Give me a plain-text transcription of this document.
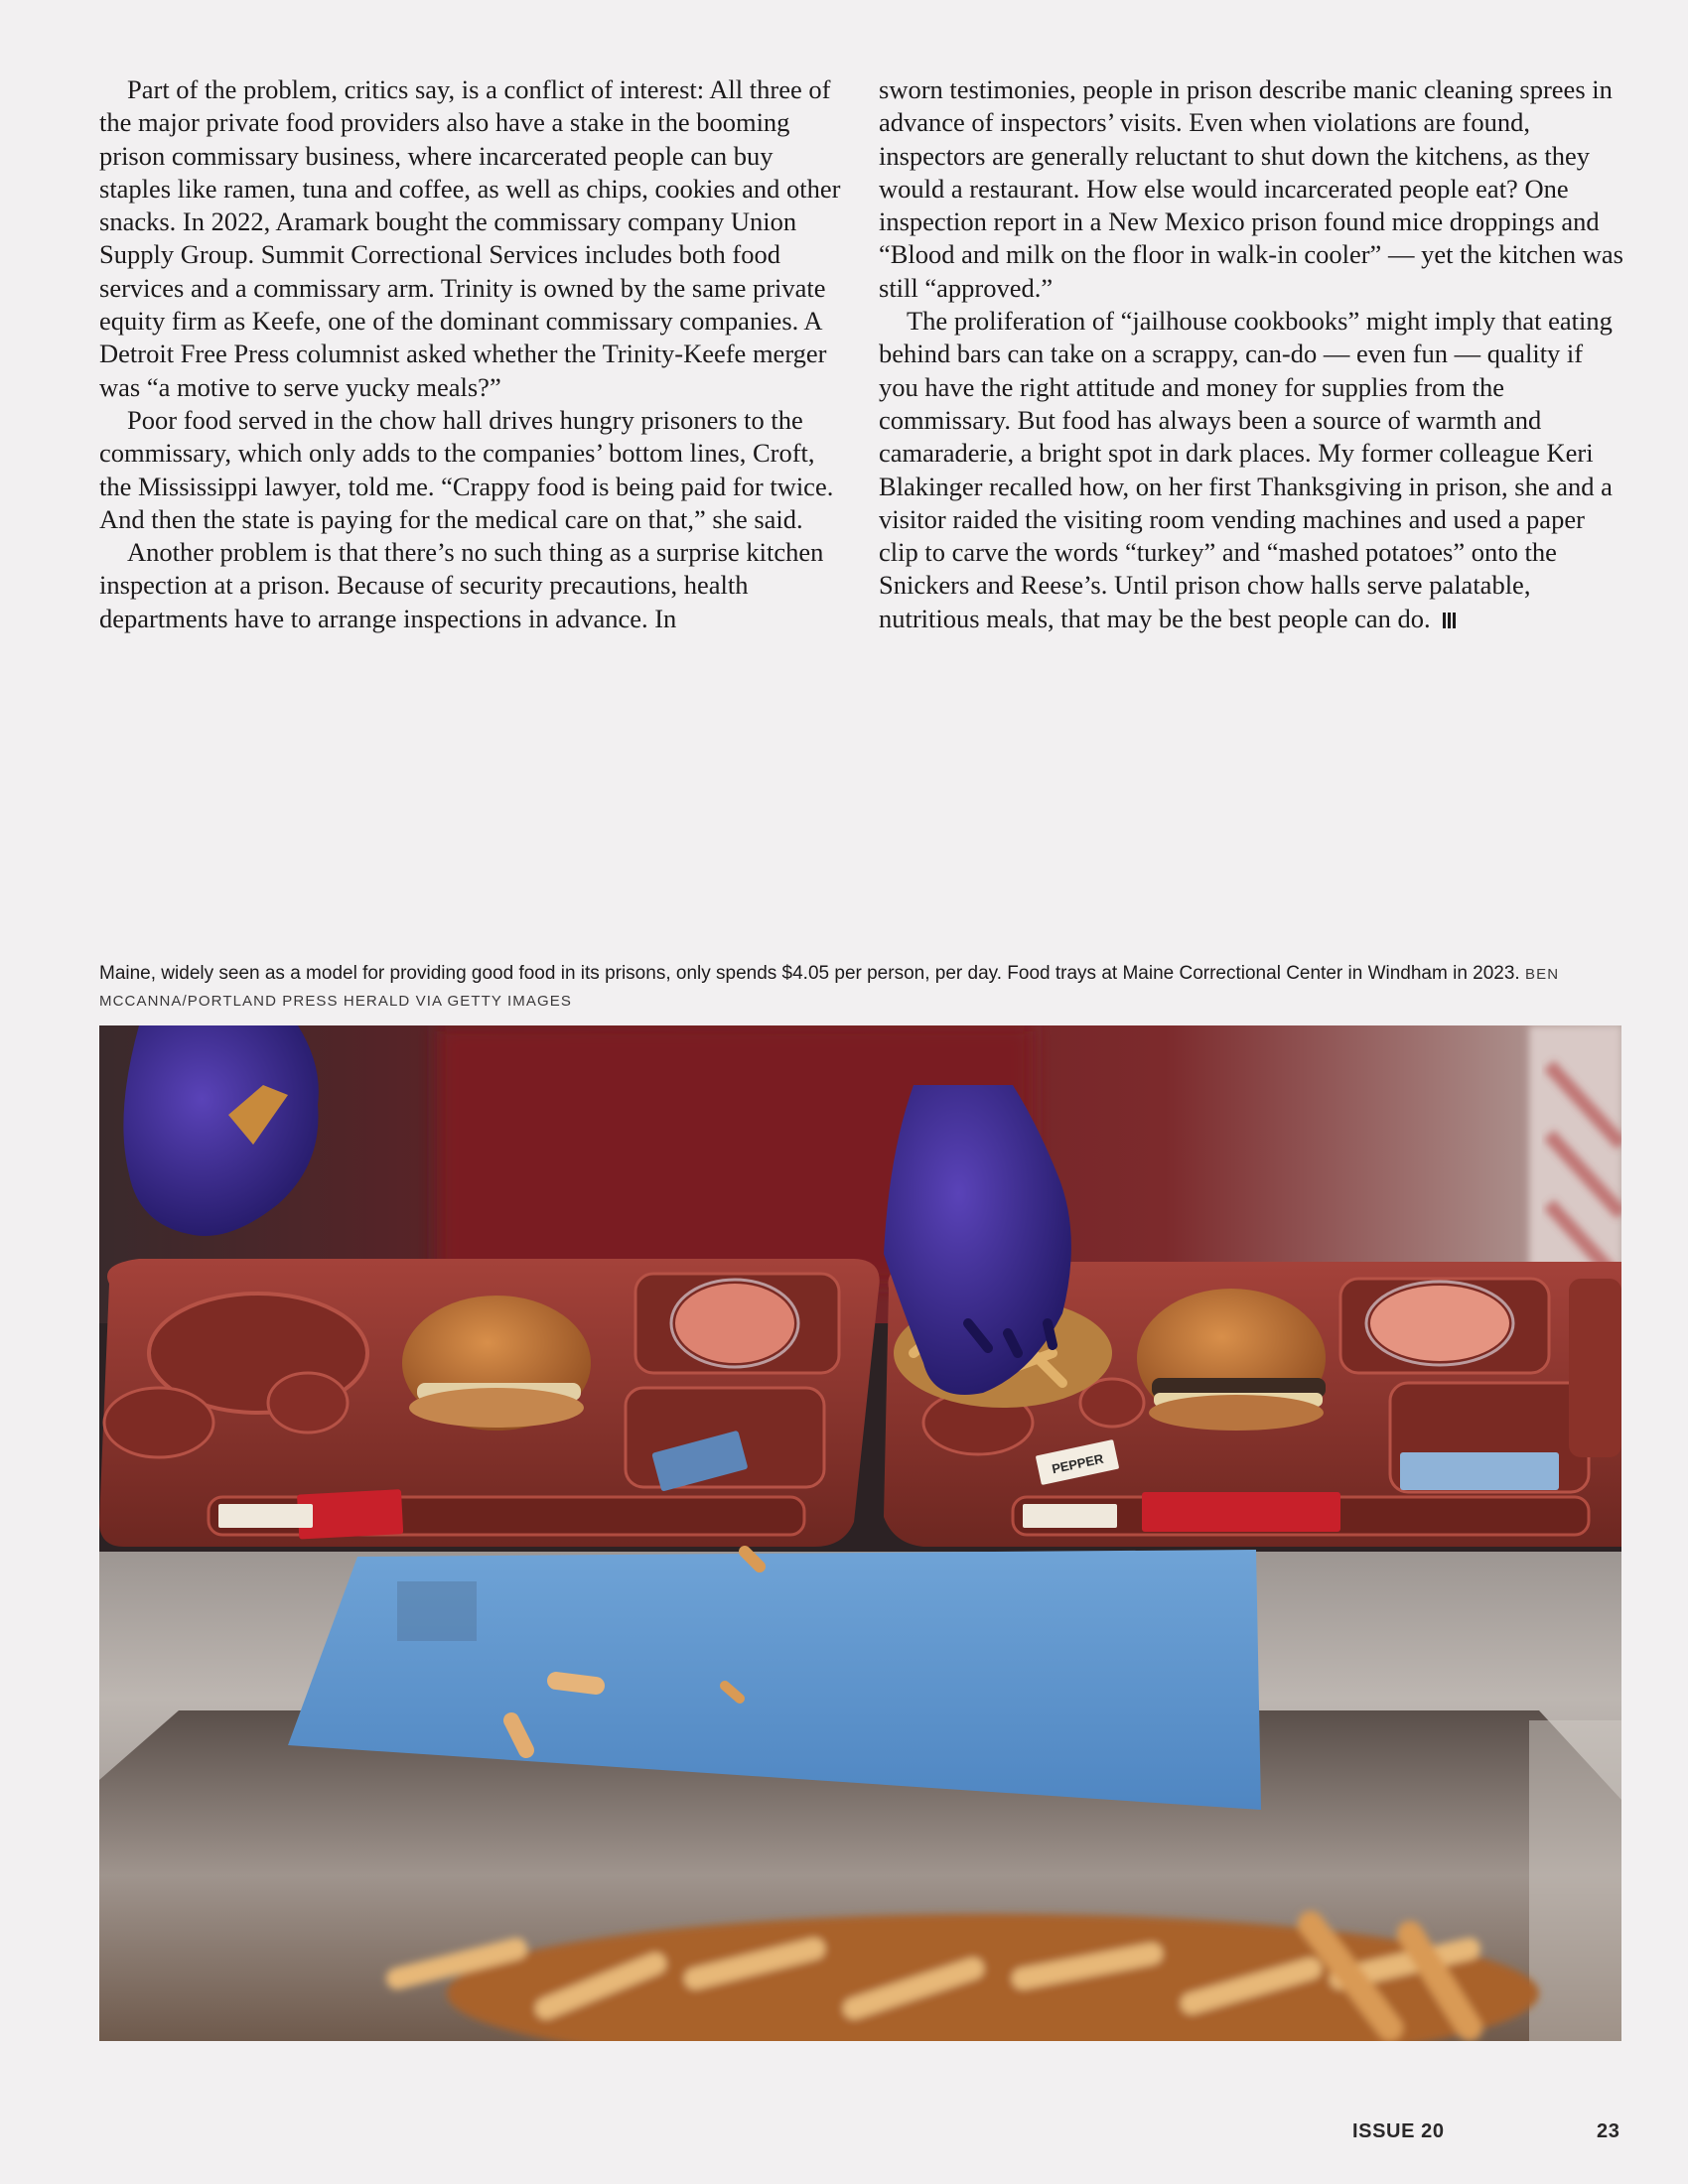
Part of the problem, critics say, is a conflict of interest: All three of the major private food providers also have a stake in the booming prison commissary business, where incarcerated people can buy staples like ramen, tuna and coffee, as well as chips, cookies and other snacks. In 2022, Aramark bought the commissary company Union Supply Group. Summit Correctional Services includes both food services and a commissary arm. Trinity is owned by the same private equity firm as Keefe, one of the dominant commissary companies. A Detroit Free Press columnist asked whether the Trinity-Keefe merger was “a motive to serve yucky meals?”

Poor food served in the chow hall drives hungry prisoners to the commissary, which only adds to the companies’ bottom lines, Croft, the Mississippi lawyer, told me. “Crappy food is being paid for twice. And then the state is paying for the medical care on that,” she said.

Another problem is that there’s no such thing as a surprise kitchen inspection at a prison. Because of security precautions, health departments have to arrange inspections in advance. In

sworn testimonies, people in prison describe manic cleaning sprees in advance of inspectors’ visits. Even when violations are found, inspectors are generally reluctant to shut down the kitchens, as they would a restaurant. How else would incarcerated people eat? One inspection report in a New Mexico prison found mice droppings and “Blood and milk on the floor in walk-in cooler” — yet the kitchen was still “approved.”

The proliferation of “jailhouse cookbooks” might imply that eating behind bars can take on a scrappy, can-do — even fun — quality if you have the right attitude and money for supplies from the commissary. But food has always been a source of warmth and camaraderie, a bright spot in dark places. My former colleague Keri Blakinger recalled how, on her first Thanksgiving in prison, she and a visitor raided the visiting room vending machines and used a paper clip to carve the words “turkey” and “mashed potatoes” onto the Snickers and Reese’s. Until prison chow halls serve palatable, nutritious meals, that may be the best people can do.

Maine, widely seen as a model for providing good food in its prisons, only spends $4.05 per person, per day. Food trays at Maine Correctional Center in Windham in 2023. BEN MCCANNA/PORTLAND PRESS HERALD VIA GETTY IMAGES
PEPPER
ISSUE 20	23
